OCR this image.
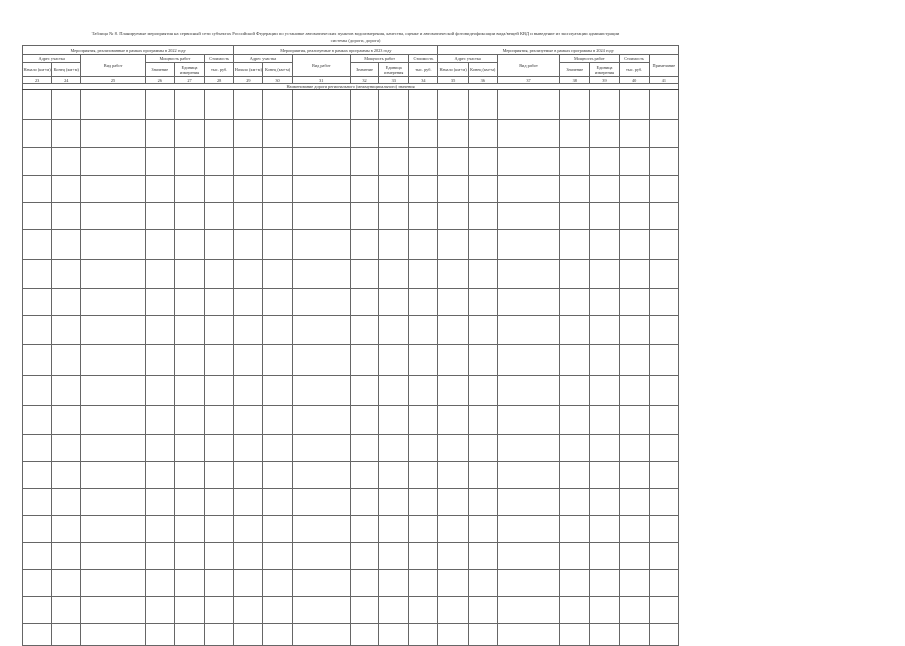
Таблица № 8. Планируемые мероприятия на сервисный сети субъектах Российской Федерации по установке автоматических пунктов водоизмерения, качества, оценке и автоматической фотовидеофиксации вида/вещей КВД и выведение из эксплуатации администрации
системы (дороги, дорога)
Мероприятия, реализованные в рамках программы в 2022 году						Мероприятия, реализуемые в рамках программы в 2023 году						Мероприятия, реализуемые в рамках программы в 2024 году						
Адрес участка		Вид работ	Мощность работ		Стоимость	Адрес участка		Вид работ	Мощность работ		Стоимость	Адрес участка		Вид работ	Мощность работ		Стоимость	Примечание
Начало (км+м)	Конец (км+м)		Значение	Единица измерения	тыс. руб.	Начало (км+м)	Конец (км+м)		Значение	Единица измерения	тыс. руб.	Начало (км+м)	Конец (км+м)		Значение	Единица измерения	тыс. руб.	
23	24	25	26	27	28	29	30	31	32	33	34	35	36	37	38	39	40	41
Наименование дороги регионального (межмуниципального) значения																		
